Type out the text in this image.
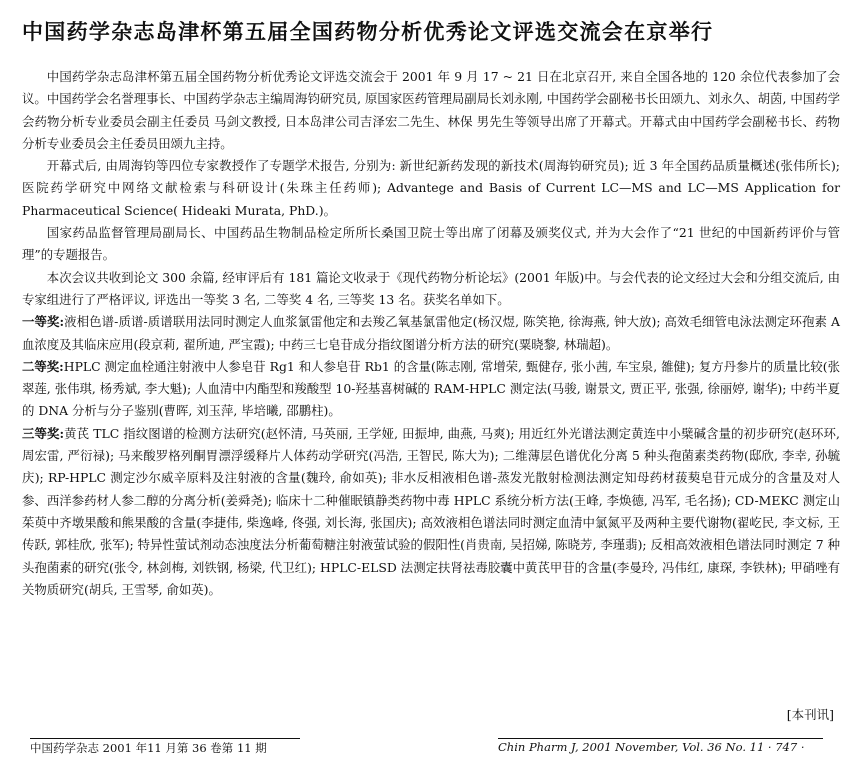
中国药学杂志岛津杯第五届全国药物分析优秀论文评选交流会在京举行

中国药学杂志岛津杯第五届全国药物分析优秀论文评选交流会于 2001 年 9 月 17 ~ 21 日在北京召开, 来自全国各地的 120 余位代表参加了会议。中国药学会名誉理事长、中国药学杂志主编周海钧研究员, 原国家医药管理局副局长刘永刚, 中国药学会副秘书长田颂九、刘永久、胡茵, 中国药学会药物分析专业委员会副主任委员 马剑文教授, 日本岛津公司吉泽宏二先生、林保 男先生等领导出席了开幕式。开幕式由中国药学会副秘书长、药物分析专业委员会主任委员田颂九主持。

开幕式后, 由周海钧等四位专家教授作了专题学术报告, 分别为: 新世纪新药发现的新技术(周海钧研究员); 近 3 年全国药品质量概述(张伟所长); 医院药学研究中网络文献检索与科研设计(朱珠主任药师); Advantege and Basis of Current LC—MS and LC—MS Application for Pharmaceutical Science( Hideaki Murata, PhD.)。

国家药品监督管理局副局长、中国药品生物制品检定所所长桑国卫院士等出席了闭幕及颁奖仪式, 并为大会作了“21 世纪的中国新药评价与管理”的专题报告。

本次会议共收到论文 300 余篇, 经审评后有 181 篇论文收录于《现代药物分析论坛》(2001 年版)中。与会代表的论文经过大会和分组交流后, 由专家组进行了严格评议, 评选出一等奖 3 名, 二等奖 4 名, 三等奖 13 名。获奖名单如下。

一等奖:液相色谱-质谱-质谱联用法同时测定人血浆氯雷他定和去羧乙氧基氯雷他定(杨汉煜, 陈笑艳, 徐海燕, 钟大放); 高效毛细管电泳法测定环孢素 A 血浓度及其临床应用(段京莉, 翟所迪, 严宝霞); 中药三七皂苷成分指纹图谱分析方法的研究(粟晓黎, 林瑞超)。

二等奖:HPLC 测定血栓通注射液中人参皂苷 Rg1 和人参皂苷 Rb1 的含量(陈志刚, 常增荣, 甄健存, 张小茜, 车宝泉, 雒健); 复方丹参片的质量比较(张翠莲, 张伟琪, 杨秀斌, 李大魁); 人血清中内酯型和羧酸型 10-羟基喜树碱的 RAM-HPLC 测定法(马骏, 谢景文, 贾正平, 张强, 徐丽婷, 谢华); 中药半夏的 DNA 分析与分子鉴别(曹晖, 刘玉萍, 毕培曦, 邵鹏柱)。

三等奖:黄芪 TLC 指纹图谱的检测方法研究(赵怀清, 马英丽, 王学娅, 田振坤, 曲燕, 马爽); 用近红外光谱法测定黄连中小檗碱含量的初步研究(赵环环, 周宏雷, 严衍禄); 马来酸罗格列酮胃漂浮缓释片人体药动学研究(冯浩, 王智民, 陈大为); 二维薄层色谱优化分离 5 种头孢菌素类药物(邸欣, 李幸, 孙毓庆); RP-HPLC 测定沙尔威辛原料及注射液的含量(魏玲, 俞如英); 非水反相液相色谱-蒸发光散射检测法测定知母药材菝葜皂苷元成分的含量及对人参、西洋参药材人参二醇的分离分析(姜舜尧); 临床十二种催眠镇静类药物中毒 HPLC 系统分析方法(王峰, 李焕德, 冯军, 毛名扬); CD-MEKC 测定山茱萸中齐墩果酸和熊果酸的含量(李捷伟, 柴逸峰, 佟强, 刘长海, 张国庆); 高效液相色谱法同时测定血清中氯氮平及两种主要代谢物(翟屹民, 李文标, 王传跃, 郭桂欣, 张军); 特异性萤试剂动态浊度法分析葡萄糖注射液萤试验的假阳性(肖贵南, 吴招娣, 陈晓芳, 李瑾翡); 反相高效液相色谱法同时测定 7 种头孢菌素的研究(张令, 林剑梅, 刘铁钢, 杨梁, 代卫红); HPLC-ELSD 法测定扶肾祛毒胶囊中黄芪甲苷的含量(李曼玲, 冯伟红, 康琛, 李铁林); 甲硝唑有关物质研究(胡兵, 王雪琴, 俞如英)。

[本刊讯]
中国药学杂志 2001 年11 月第 36 卷第 11 期	Chin Pharm J, 2001 November, Vol. 36 No. 11 · 747 ·
